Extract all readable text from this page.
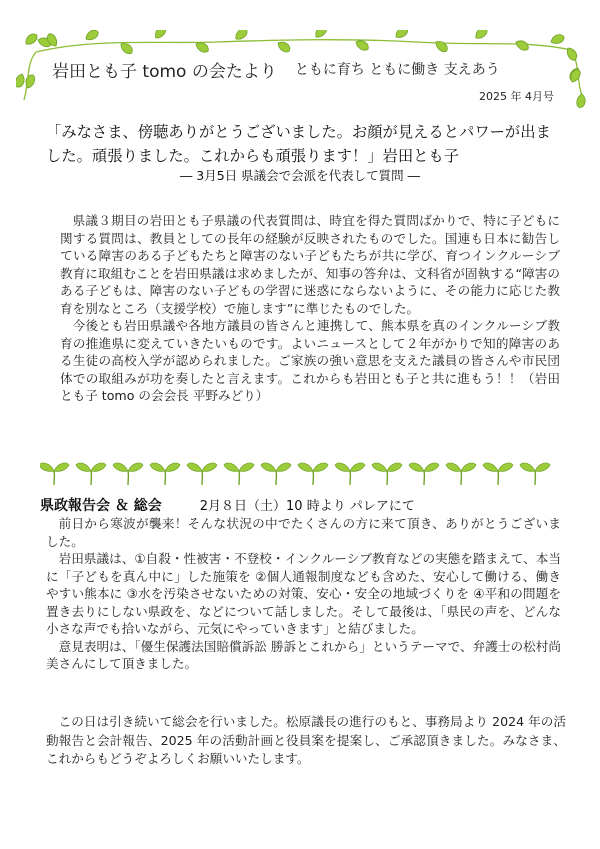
岩田とも子 tomo の会たより ともに育ち ともに働き 支えあう
2025 年 4月号
「みなさま、傍聴ありがとうございました。お顔が見えるとパワーが出ました。頑張りました。これからも頑張ります！」岩田とも子
― 3月5日 県議会で会派を代表して質問 ―

県議３期目の岩田とも子県議の代表質問は、時宜を得た質問ばかりで、特に子どもに関する質問は、教員としての長年の経験が反映されたものでした。国連も日本に勧告している障害のある子どもたちと障害のない子どもたちが共に学び、育つインクルーシブ教育に取組むことを岩田県議は求めましたが、知事の答弁は、文科省が固執する“障害のある子どもは、障害のない子どもの学習に迷惑にならないように、その能力に応じた教育を別なところ（支援学校）で施します”に準じたものでした。

今後とも岩田県議や各地方議員の皆さんと連携して、熊本県を真のインクルーシブ教育の推進県に変えていきたいものです。よいニュースとして２年がかりで知的障害のある生徒の高校入学が認められました。ご家族の強い意思を支えた議員の皆さんや市民団体での取組みが功を奏したと言えます。これからも岩田とも子と共に進もう！！（岩田とも子 tomo の会会長 平野みどり）

県政報告会 ＆ 総会	2月８日（土）10 時より パレアにて

前日から寒波が襲来！そんな状況の中でたくさんの方に来て頂き、ありがとうございました。

岩田県議は、①自殺・性被害・不登校・インクルーシブ教育などの実態を踏まえて、本当に「子どもを真ん中に」した施策を ②個人通報制度なども含めた、安心して働ける、働きやすい熊本に ③水を汚染させないための対策、安心・安全の地域づくりを ④平和の問題を置き去りにしない県政を、などについて話しました。そして最後は、「県民の声を、どんな小さな声でも拾いながら、元気にやっていきます」と結びました。

意見表明は、「優生保護法国賠償訴訟 勝訴とこれから」というテーマで、弁護士の松村尚美さんにして頂きました。

この日は引き続いて総会を行いました。松原議長の進行のもと、事務局より 2024 年の活動報告と会計報告、2025 年の活動計画と役員案を提案し、ご承認頂きました。みなさま、これからもどうぞよろしくお願いいたします。
